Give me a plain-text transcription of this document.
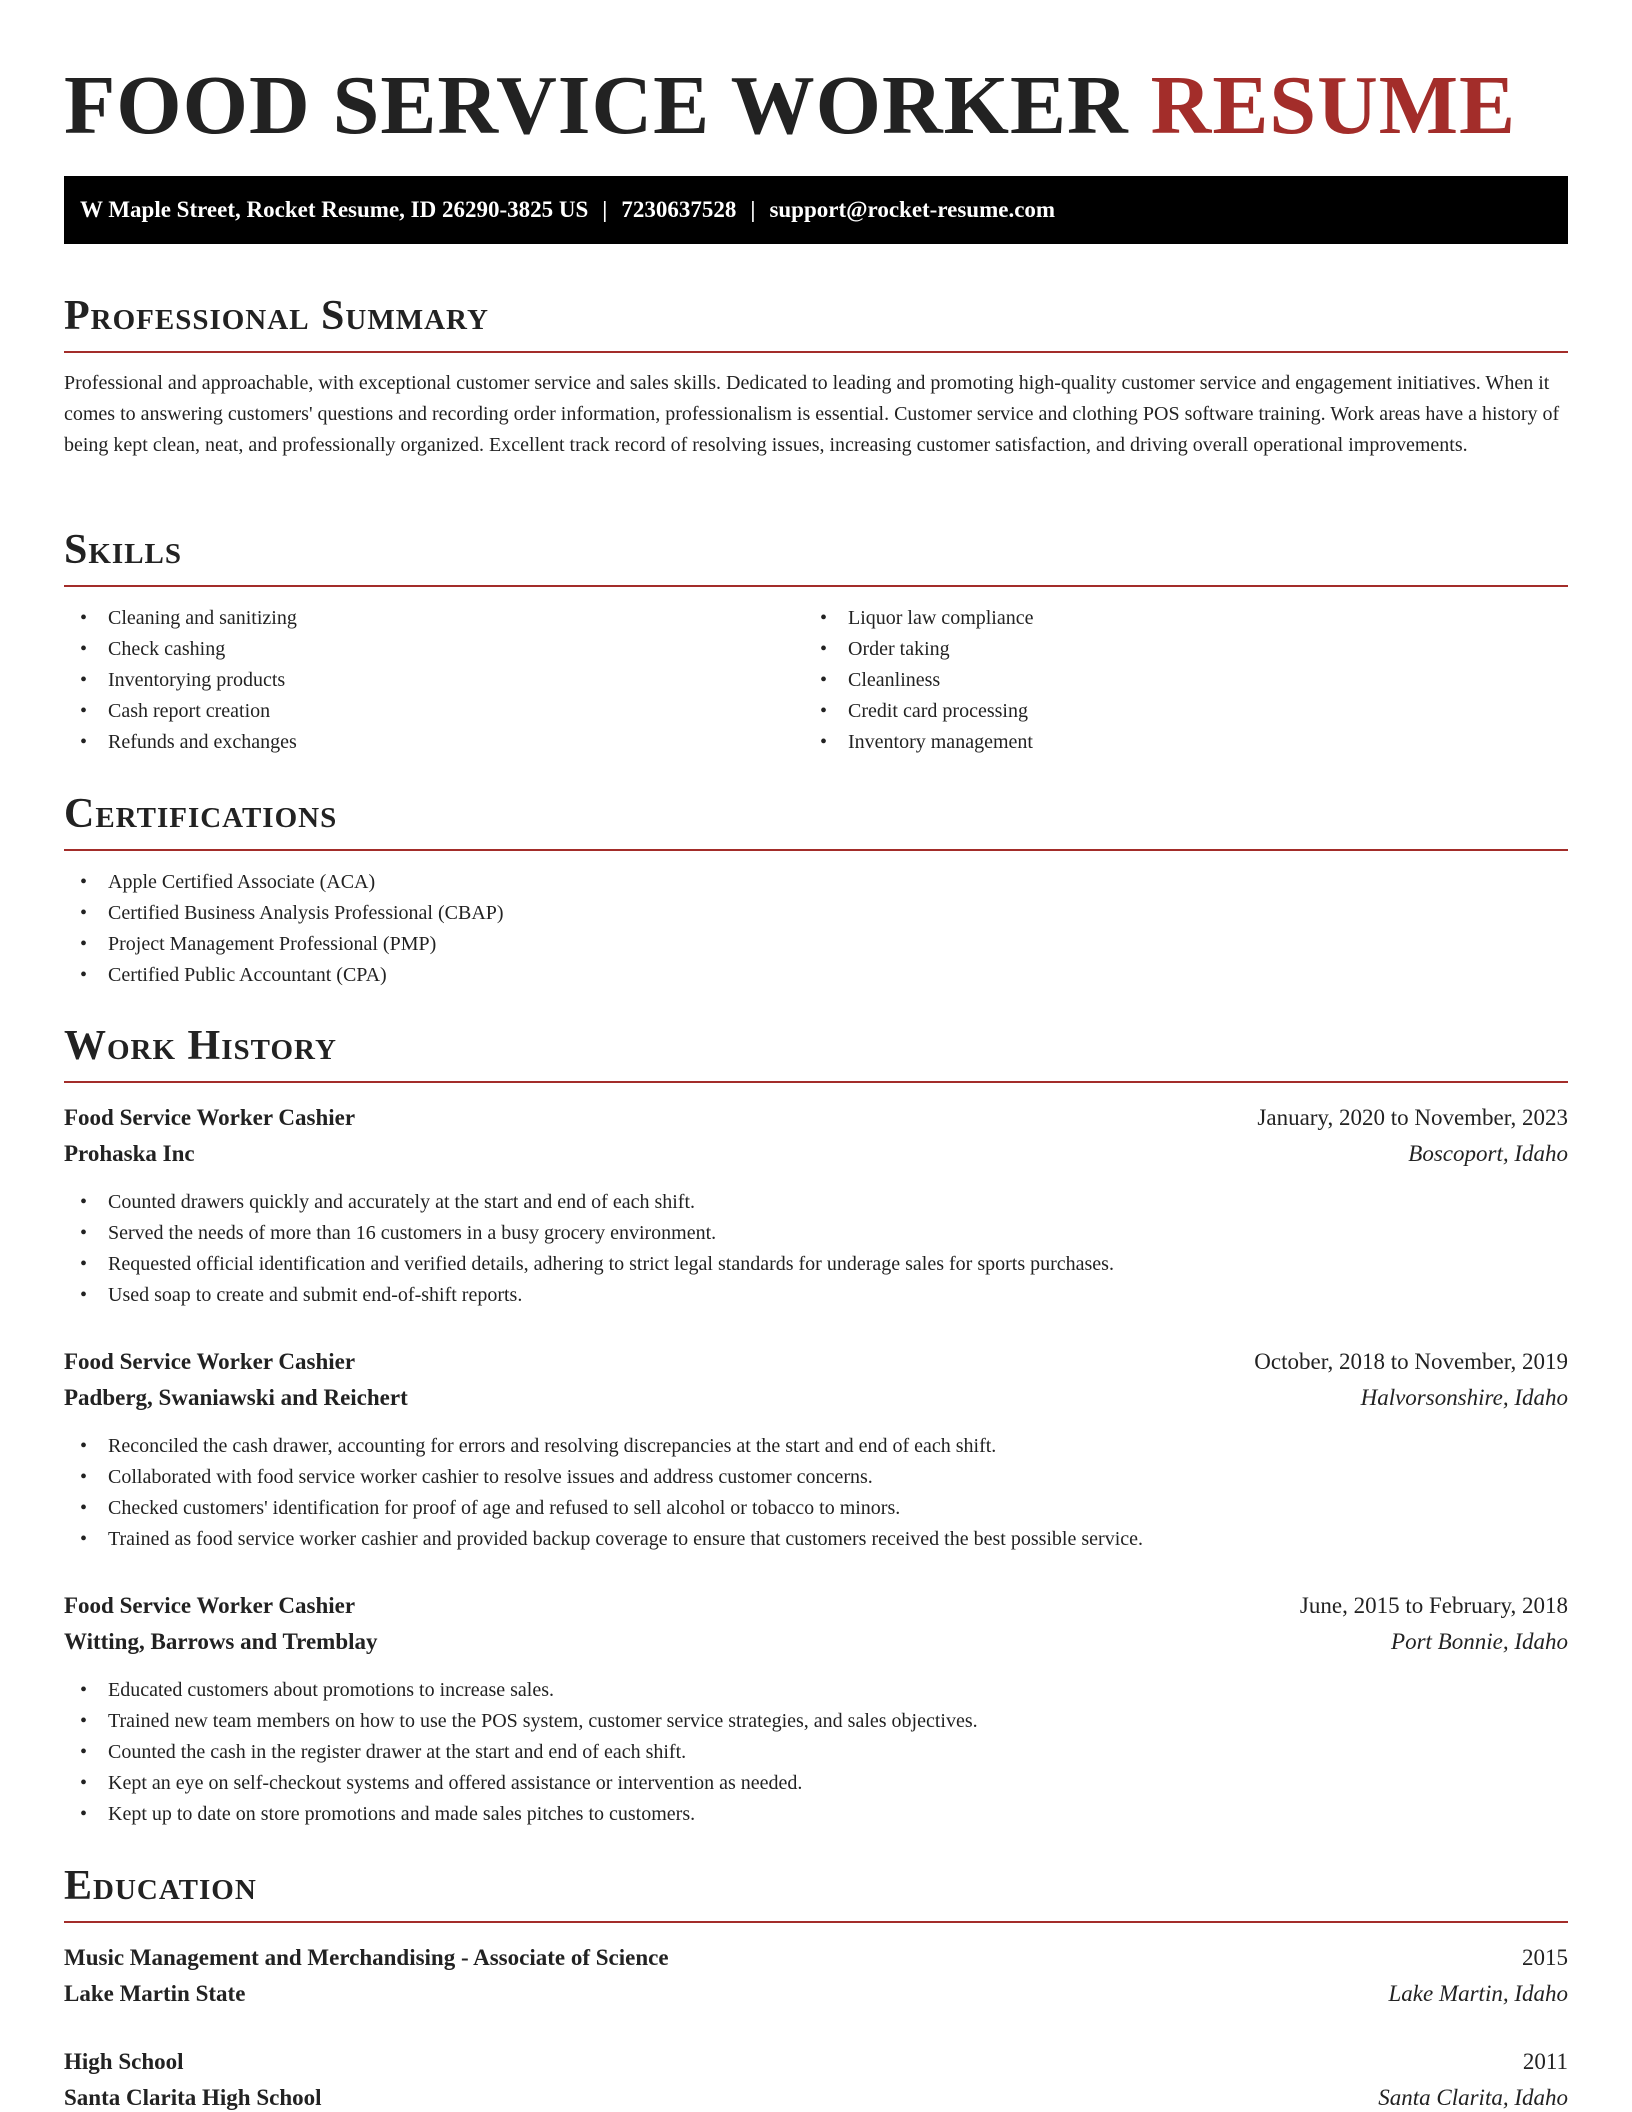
FOOD SERVICE WORKER RESUME
W Maple Street, Rocket Resume, ID 26290-3825 US | 7230637528 | support@rocket-resume.com
Professional Summary

Professional and approachable, with exceptional customer service and sales skills. Dedicated to leading and promoting high-quality customer service and engagement initiatives. When it comes to answering customers' questions and recording order information, professionalism is essential. Customer service and clothing POS software training. Work areas have a history of being kept clean, neat, and professionally organized. Excellent track record of resolving issues, increasing customer satisfaction, and driving overall operational improvements.

Skills
• Cleaning and sanitizing
• Check cashing
• Inventorying products
• Cash report creation
• Refunds and exchanges
• Liquor law compliance
• Order taking
• Cleanliness
• Credit card processing
• Inventory management
Certifications
• Apple Certified Associate (ACA)
• Certified Business Analysis Professional (CBAP)
• Project Management Professional (PMP)
• Certified Public Accountant (CPA)
Work History
Food Service Worker Cashier	January, 2020 to November, 2023
Prohaska Inc	Boscoport, Idaho
• Counted drawers quickly and accurately at the start and end of each shift.
• Served the needs of more than 16 customers in a busy grocery environment.
• Requested official identification and verified details, adhering to strict legal standards for underage sales for sports purchases.
• Used soap to create and submit end-of-shift reports.
Food Service Worker Cashier	October, 2018 to November, 2019
Padberg, Swaniawski and Reichert	Halvorsonshire, Idaho
• Reconciled the cash drawer, accounting for errors and resolving discrepancies at the start and end of each shift.
• Collaborated with food service worker cashier to resolve issues and address customer concerns.
• Checked customers' identification for proof of age and refused to sell alcohol or tobacco to minors.
• Trained as food service worker cashier and provided backup coverage to ensure that customers received the best possible service.
Food Service Worker Cashier	June, 2015 to February, 2018
Witting, Barrows and Tremblay	Port Bonnie, Idaho
• Educated customers about promotions to increase sales.
• Trained new team members on how to use the POS system, customer service strategies, and sales objectives.
• Counted the cash in the register drawer at the start and end of each shift.
• Kept an eye on self-checkout systems and offered assistance or intervention as needed.
• Kept up to date on store promotions and made sales pitches to customers.
Education
Music Management and Merchandising - Associate of Science	2015
Lake Martin State	Lake Martin, Idaho
High School	2011
Santa Clarita High School	Santa Clarita, Idaho
